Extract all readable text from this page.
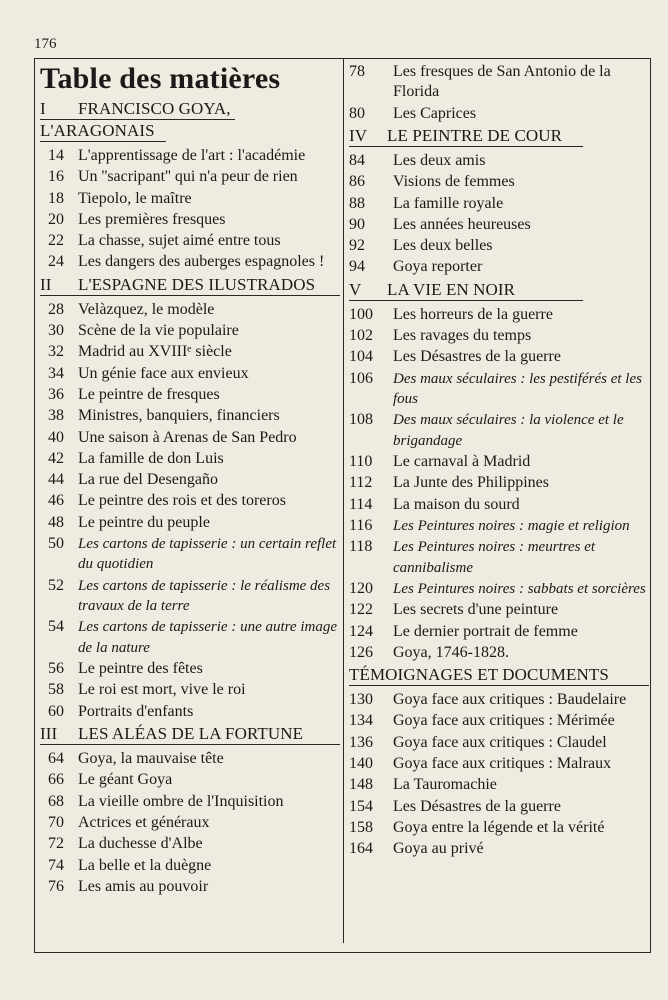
176
Table des matières
I FRANCISCO GOYA,L'ARAGONAIS
14 L'apprentissage de l'art : l'académie
16 Un ''sacripant'' qui n'a peur de rien
18 Tiepolo, le maître
20 Les premières fresques
22 La chasse, sujet aimé entre tous
24 Les dangers des auberges espagnoles !
II L'ESPAGNE DES ILUSTRADOS
28 Velàzquez, le modèle
30 Scène de la vie populaire
32 Madrid au XVIIIᵉ siècle
34 Un génie face aux envieux
36 Le peintre de fresques
38 Ministres, banquiers, financiers
40 Une saison à Arenas de San Pedro
42 La famille de don Luis
44 La rue del Desengaño
46 Le peintre des rois et des toreros
48 Le peintre du peuple
50 Les cartons de tapisserie : un certain reflet du quotidien
52 Les cartons de tapisserie : le réalisme des travaux de la terre
54 Les cartons de tapisserie : une autre image de la nature
56 Le peintre des fêtes
58 Le roi est mort, vive le roi
60 Portraits d'enfants
III LES ALÉAS DE LA FORTUNE
64 Goya, la mauvaise tête
66 Le géant Goya
68 La vieille ombre de l'Inquisition
70 Actrices et généraux
72 La duchesse d'Albe
74 La belle et la duègne
76 Les amis au pouvoir
78	Les fresques de San Antonio de la Florida
80	Les Caprices
IV LE PEINTRE DE COUR
84	Les deux amis
86	Visions de femmes
88	La famille royale
90	Les années heureuses
92	Les deux belles
94	Goya reporter
V LA VIE EN NOIR
100	Les horreurs de la guerre
102	Les ravages du temps
104	Les Désastres de la guerre
106	Des maux séculaires : les pestiférés et les fous
108	Des maux séculaires : la violence et le brigandage
110	Le carnaval à Madrid
112	La Junte des Philippines
114	La maison du sourd
116	Les Peintures noires : magie et religion
118	Les Peintures noires : meurtres et cannibalisme
120	Les Peintures noires : sabbats et sorcières
122	Les secrets d'une peinture
124	Le dernier portrait de femme
126	Goya, 1746-1828.
TÉMOIGNAGES ET DOCUMENTS
130	Goya face aux critiques : Baudelaire
134	Goya face aux critiques : Mérimée
136	Goya face aux critiques : Claudel
140	Goya face aux critiques : Malraux
148	La Tauromachie
154	Les Désastres de la guerre
158	Goya entre la légende et la vérité
164	Goya au privé
